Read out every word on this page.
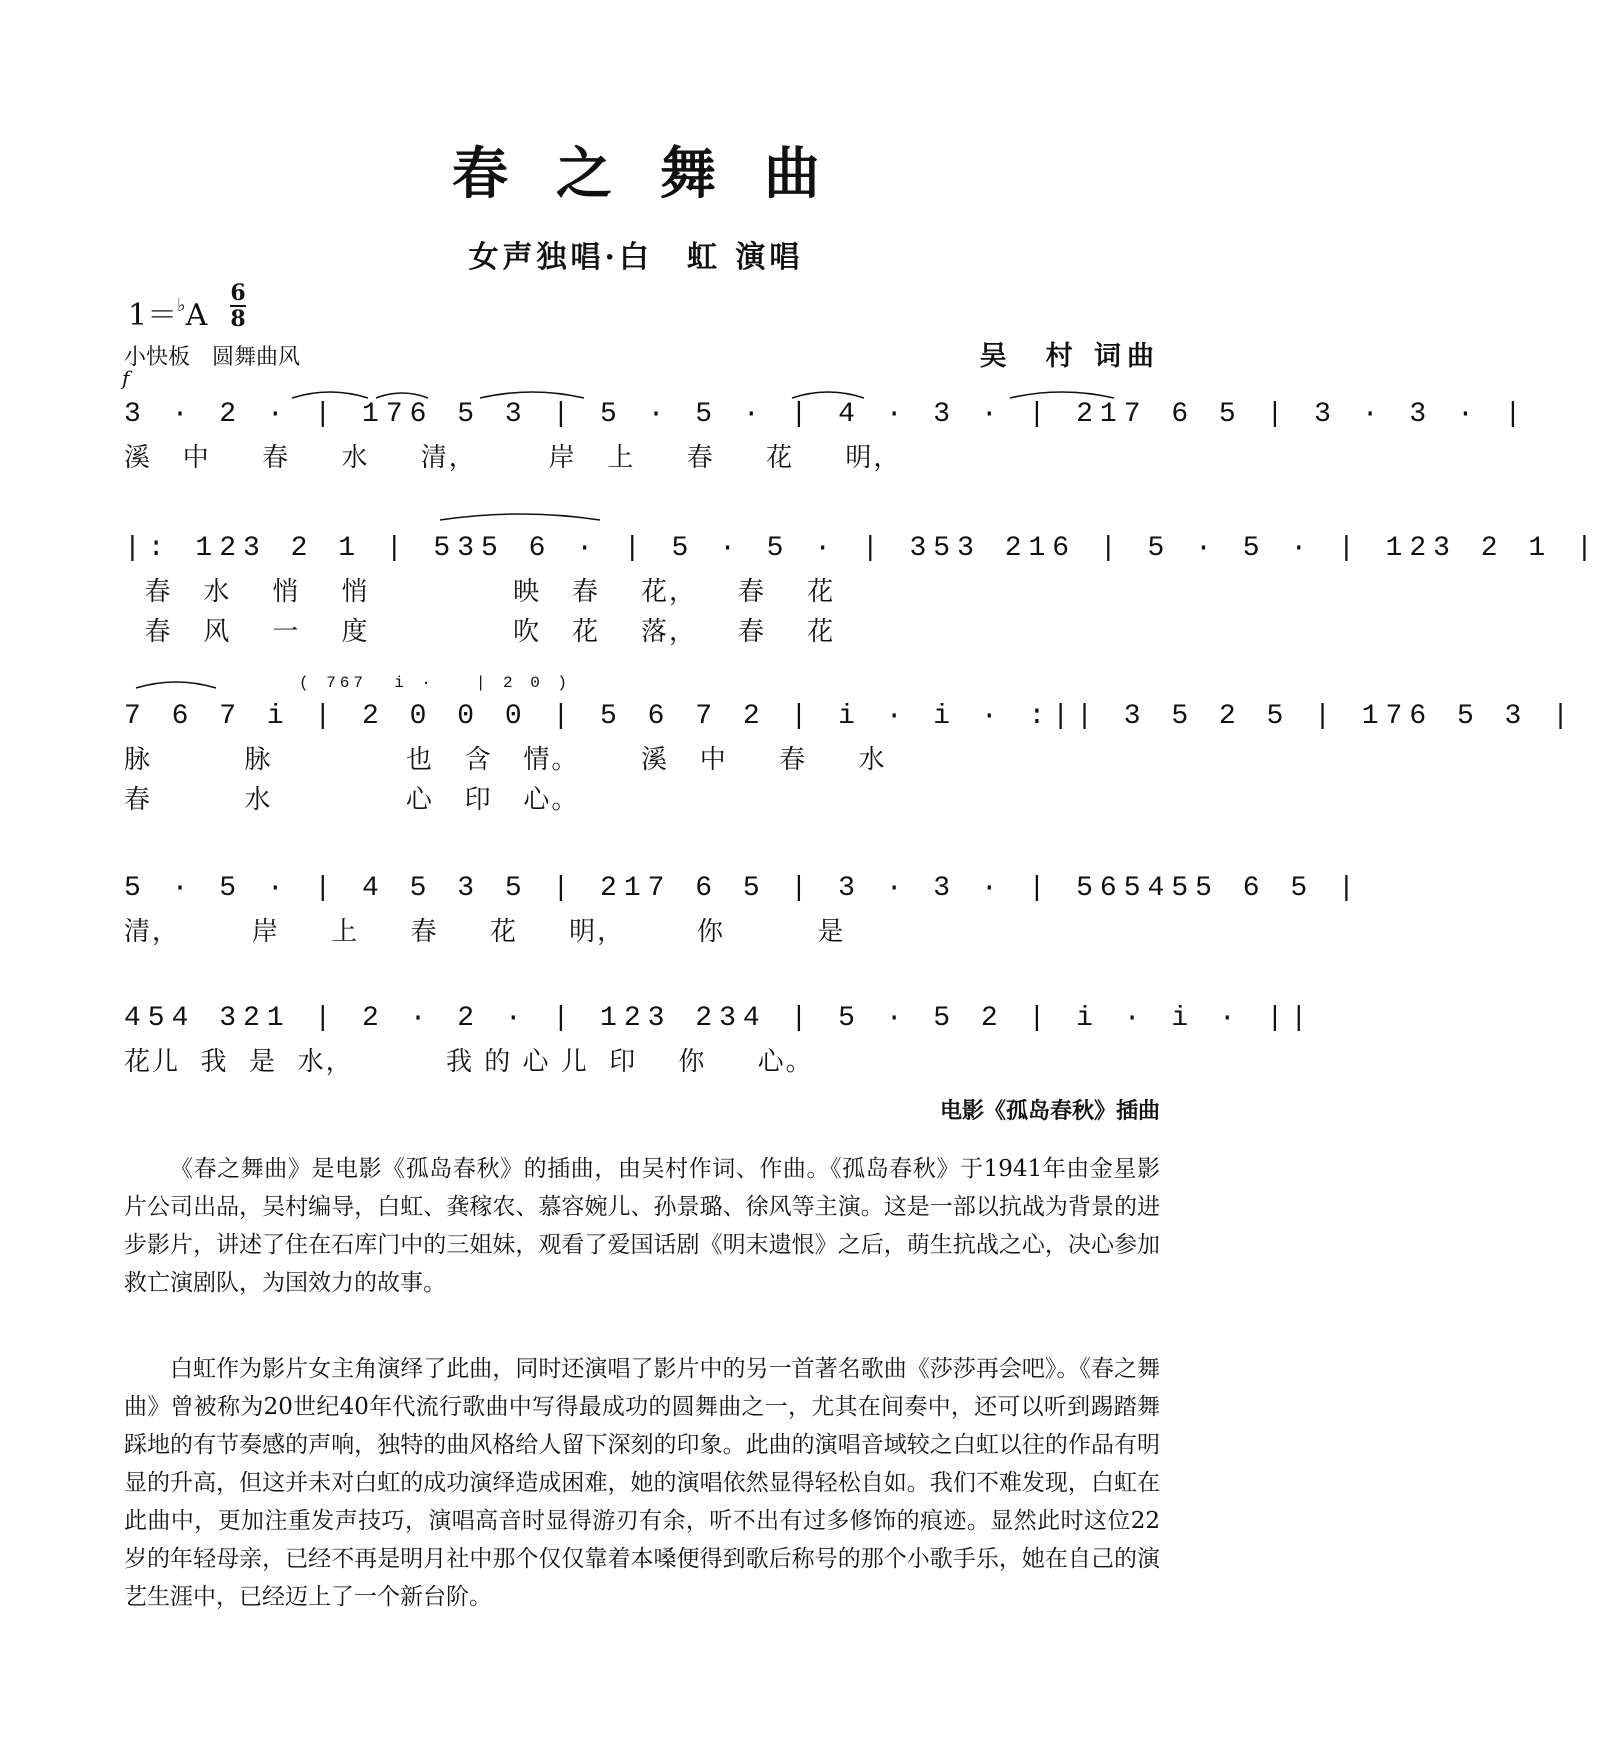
春之舞曲
女声独唱·白　虹 演唱
1＝♭A
6
8
小快板　圆舞曲风	吴　村 词曲
f
3 · 2 · | 176 5 3 | 5 · 5 · | 4 · 3 · | 217 6 5 | 3 · 3 · |
溪   中     春     水     清，       岸   上     春     花     明，
|: 123 2 1 | 535 6 · | 5 · 5 · | 353 216 | 5 · 5 · | 123 2 1 |
春   水    悄    悄              映   春    花，    春    花
春   风    一    度              吹   花    落，    春    花
( 767  i ·   | 2 0 )
7 6 7 i | 2 0 0 0 | 5 6 7 2 | i · i · :|| 3 5 2 5 | 176 5 3 |
脉         脉             也   含   情。      溪   中     春     水
春         水             心   印   心。
5 · 5 · | 4 5 3 5 | 217 6 5 | 3 · 3 · | 565455 6 5 |
清，       岸     上     春     花     明，       你         是
454 321 | 2 · 2 · | 123 234 | 5 · 5 2 | i · i · ||
花儿  我  是  水，         我 的 心 儿  印    你     心。
电影《孤岛春秋》插曲
《春之舞曲》是电影《孤岛春秋》的插曲，由吴村作词、作曲。《孤岛春秋》于1941年由金星影片公司出品，吴村编导，白虹、龚稼农、慕容婉儿、孙景璐、徐风等主演。这是一部以抗战为背景的进步影片，讲述了住在石库门中的三姐妹，观看了爱国话剧《明末遗恨》之后，萌生抗战之心，决心参加救亡演剧队，为国效力的故事。
白虹作为影片女主角演绎了此曲，同时还演唱了影片中的另一首著名歌曲《莎莎再会吧》。《春之舞曲》曾被称为20世纪40年代流行歌曲中写得最成功的圆舞曲之一，尤其在间奏中，还可以听到踢踏舞踩地的有节奏感的声响，独特的曲风格给人留下深刻的印象。此曲的演唱音域较之白虹以往的作品有明显的升高，但这并未对白虹的成功演绎造成困难，她的演唱依然显得轻松自如。我们不难发现，白虹在此曲中，更加注重发声技巧，演唱高音时显得游刃有余，听不出有过多修饰的痕迹。显然此时这位22岁的年轻母亲，已经不再是明月社中那个仅仅靠着本嗓便得到歌后称号的那个小歌手乐，她在自己的演艺生涯中，已经迈上了一个新台阶。
